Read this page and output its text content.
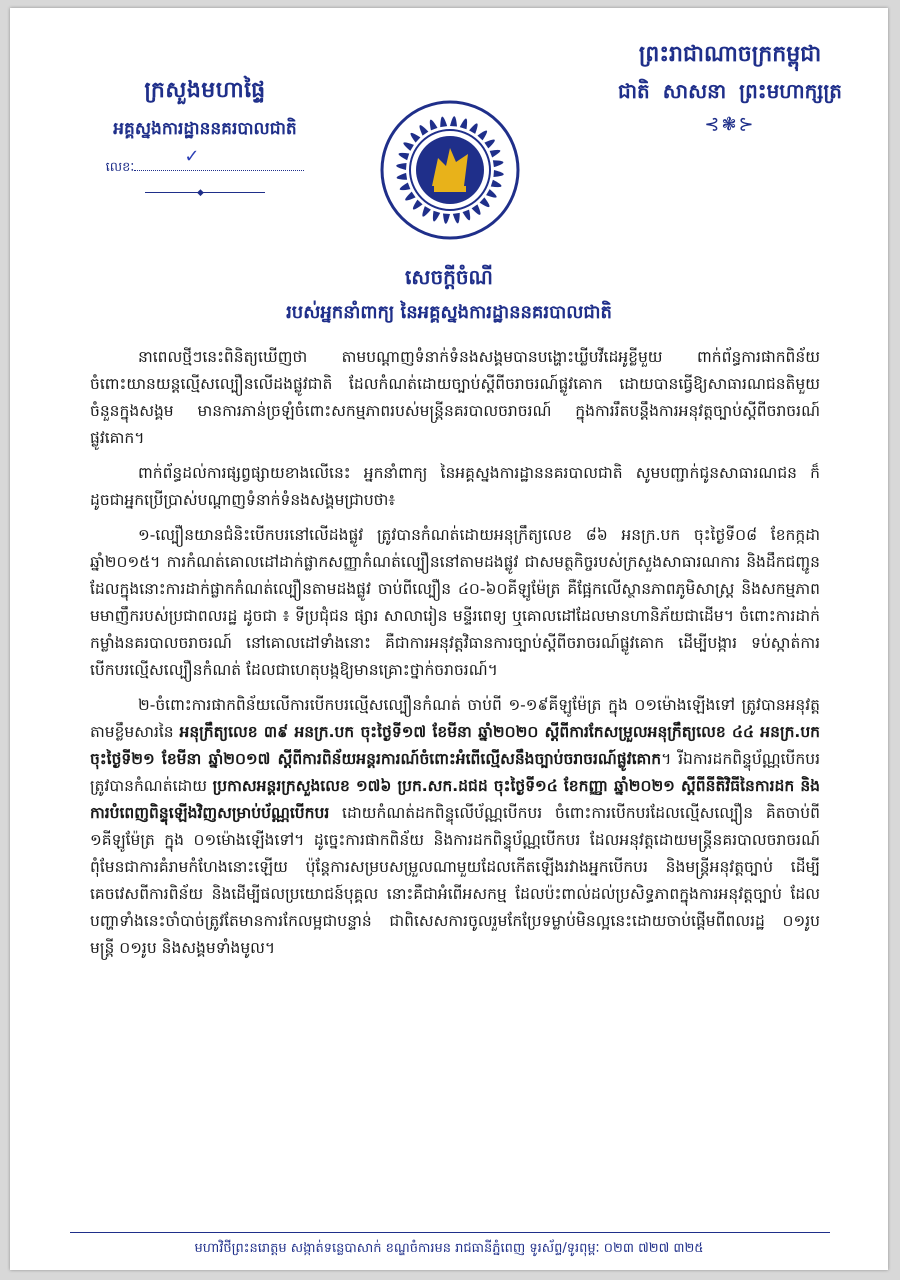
ក្រសួងមហាផ្ទៃ
អគ្គស្នងការដ្ឋាននគរបាលជាតិ
លេខៈ
✓
◆
ព្រះរាជាណាចក្រកម្ពុជា
ជាតិ សាសនា ព្រះមហាក្សត្រ
⊰❃⊱
សេចក្តីចំណី
របស់អ្នកនាំពាក្យ នៃអគ្គស្នងការដ្ឋាននគរបាលជាតិ

នាពេលថ្មីៗនេះពិនិត្យឃើញថា តាមបណ្តាញទំនាក់ទំនងសង្គមបានបង្ហោះឃ្លីបវីដេអូខ្លីមួយ ពាក់ព័ន្ធការផាកពិន័យចំពោះយានយន្តល្មើសល្បឿនលើដងផ្លូវជាតិ ដែលកំណត់ដោយច្បាប់ស្តីពីចរាចរណ៍ផ្លូវគោក ដោយបានធ្វើឱ្យសាធារណជនតិមួយចំនួនក្នុងសង្គម មានការភាន់ច្រឡំចំពោះសកម្មភាពរបស់មន្ត្រីនគរបាលចរាចរណ៍ ក្នុងការរឹតបន្តឹងការអនុវត្តច្បាប់ស្តីពីចរាចរណ៍ផ្លូវគោក។

ពាក់ព័ន្ធដល់ការផ្សព្វផ្សាយខាងលើនេះ អ្នកនាំពាក្យ នៃអគ្គស្នងការដ្ឋាននគរបាលជាតិ សូមបញ្ជាក់ជូនសាធារណជន ក៏ដូចជាអ្នកប្រើប្រាស់បណ្តាញទំនាក់ទំនងសង្គមជ្រាបថា៖

១-ល្បឿនយានជំនិះបើកបរនៅលើដងផ្លូវ ត្រូវបានកំណត់ដោយអនុក្រឹត្យលេខ ៨៦ អនក្រ.បក ចុះថ្ងៃទី០៨ ខែកក្កដា ឆ្នាំ២០១៥។ ការកំណត់គោលដៅដាក់ផ្លាកសញ្ញាកំណត់ល្បឿននៅតាមដងផ្លូវ ជាសមត្ថកិច្ចរបស់ក្រសួងសាធារណការ និងដឹកជញ្ជូន ដែលក្នុងនោះការដាក់ផ្លាកកំណត់ល្បឿនតាមដងផ្លូវ ចាប់ពីល្បឿន ៤០-៦០គីឡូម៉ែត្រ គឺផ្អែកលើស្ថានភាពភូមិសាស្រ្ត និងសកម្មភាពមមាញឹករបស់ប្រជាពលរដ្ឋ ដូចជា ៖ ទីប្រជុំជន ផ្សារ សាលារៀន មន្ទីរពេទ្យ ឬគោលដៅដែលមានហានិភ័យជាដើម។ ចំពោះការដាក់កម្លាំងនគរបាលចរាចរណ៍ នៅគោលដៅទាំងនោះ គឺជាការអនុវត្តវិធានការច្បាប់ស្តីពីចរាចរណ៍ផ្លូវគោក ដើម្បីបង្ការ ទប់ស្កាត់ការបើកបរល្មើសល្បឿនកំណត់ ដែលជាហេតុបង្កឱ្យមានគ្រោះថ្នាក់ចរាចរណ៍។

២-ចំពោះការផាកពិន័យលើការបើកបរល្មើសល្បឿនកំណត់ ចាប់ពី ១-១៩គីឡូម៉ែត្រ ក្នុង ០១ម៉ោងឡើងទៅ ត្រូវបានអនុវត្តតាមខ្លឹមសារនៃ អនុក្រឹត្យលេខ ៣៩ អនក្រ.បក ចុះថ្ងៃទី១៧ ខែមីនា ឆ្នាំ២០២០ ស្តីពីការកែសម្រួលអនុក្រឹត្យលេខ ៤៤ អនក្រ.បក ចុះថ្ងៃទី២១ ខែមីនា ឆ្នាំ២០១៧ ស្តីពីការពិន័យអន្តរការណ៍ចំពោះអំពើល្មើសនឹងច្បាប់ចរាចរណ៍ផ្លូវគោក។ រីឯការដកពិន្ទុប័ណ្ណបើកបរ ត្រូវបានកំណត់ដោយ ប្រកាសអន្តរក្រសួងលេខ ១៧៦ ប្រក.សក.ដជដ ចុះថ្ងៃទី១៤ ខែកញ្ញា ឆ្នាំ២០២១ ស្តីពីនីតិវិធីនៃការដក និងការបំពេញពិន្ទុឡើងវិញសម្រាប់ប័ណ្ណបើកបរ ដោយកំណត់ដកពិន្ទុលើប័ណ្ណបើកបរ ចំពោះការបើកបរដែលល្មើសល្បឿន គិតចាប់ពី ១គីឡូម៉ែត្រ ក្នុង ០១ម៉ោងឡើងទៅ។ ដូច្នេះការផាកពិន័យ និងការដកពិន្ទុប័ណ្ណបើកបរ ដែលអនុវត្តដោយមន្ត្រីនគរបាលចរាចរណ៍ ពុំមែនជាការគំរាមកំហែងនោះឡើយ ប៉ុន្តែការសម្របសម្រួលណាមួយដែលកើតឡើងរវាងអ្នកបើកបរ និងមន្ត្រីអនុវត្តច្បាប់ ដើម្បីគេចវេសពីការពិន័យ និងដើម្បីផលប្រយោជន៍បុគ្គល នោះគឺជាអំពើអសកម្ម ដែលប៉ះពាល់ដល់ប្រសិទ្ធភាពក្នុងការអនុវត្តច្បាប់ ដែលបញ្ហាទាំងនេះចាំបាច់ត្រូវតែមានការកែលម្អជាបន្ទាន់ ជាពិសេសការចូលរួមកែប្រែទម្លាប់មិនល្អនេះដោយចាប់ផ្តើមពីពលរដ្ឋ ០១រូប មន្ត្រី ០១រូប និងសង្គមទាំងមូល។

មហាវិថីព្រះនរោត្តម សង្កាត់ទន្លេបាសាក់ ខណ្ឌចំការមន រាជធានីភ្នំពេញ ទូរស័ព្ទ/ទូរពុម្ពៈ ០២៣ ៧២៧ ៣២៥
